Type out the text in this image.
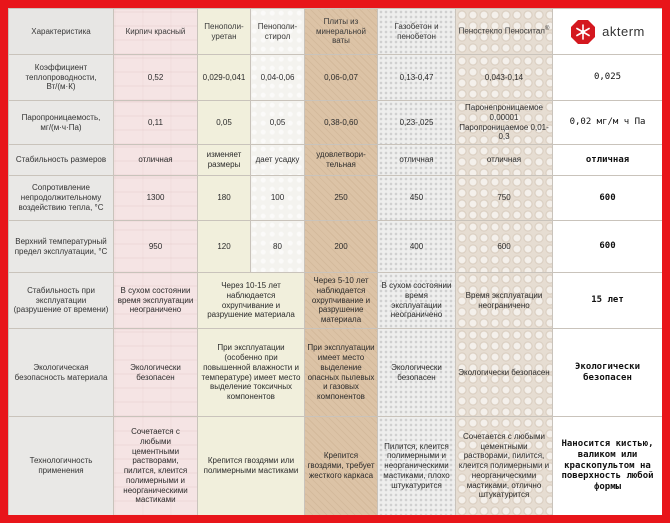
Характеристика	Кирпич красный	Пенополи-уретан	Пенополи-стирол	Плиты из минеральной ваты	Газобетон и пенобетон	Пеностекло Пеноситал®	akterm

Коэффициент теплопроводности, Вт/(м·К)	0,52	0,029-0,041	0,04-0,06	0,06-0,07	0,13-0,47	0,043-0,14	0,025
Паропроницаемость, мг/(м·ч·Па)	0,11	0,05	0,05	0,38-0,60	0,23-,025	Паронепроницаемое 0,00001 Паропроницаемое 0,01-0,3	0,02 мг/м ч Па
Стабильность размеров	отличная	изменяет размеры	дает усадку	удовлетвори-тельная	отличная	отличная	отличная
Сопротивление непродолжительному воздействию тепла, °С	1300	180	100	250	450	750	600
Верхний температурный предел эксплуатации, °С	950	120	80	200	400	600	600
Стабильность при эксплуатации (разрушение от времени)	В сухом состоянии время эксплуатации неограничено	Через 10-15 лет наблюдается охрупчивание и разрушение материала		Через 5-10 лет наблюдается охрупчивание и разрушение материала	В сухом состоянии время эксплуатации неограничено	Время эксплуатации неограничено	15 лет
Экологическая безопасность материала	Экологически безопасен	При эксплуатации (особенно при повышенной влажности и температуре) имеет место выделение токсичных компонентов		При эксплуатации имеет место выделение опасных пылевых и газовых компонентов	Экологически безопасен	Экологически безопасен	Экологически безопасен
Технологичность применения	Сочетается с любыми цементными растворами, пилится, клеится полимерными и неорганическими мастиками	Крепится гвоздями или полимерными мастиками		Крепится гвоздями, требует жесткого каркаса	Пилится, клеится полимерными и неорганическими мастиками, плохо штукатурится	Сочетается с любыми цементными растворами, пилится, клеится полимерными и неорганическими мастиками, отлично штукатурится	Наносится кистью, валиком или краскопультом на поверхность любой формы
